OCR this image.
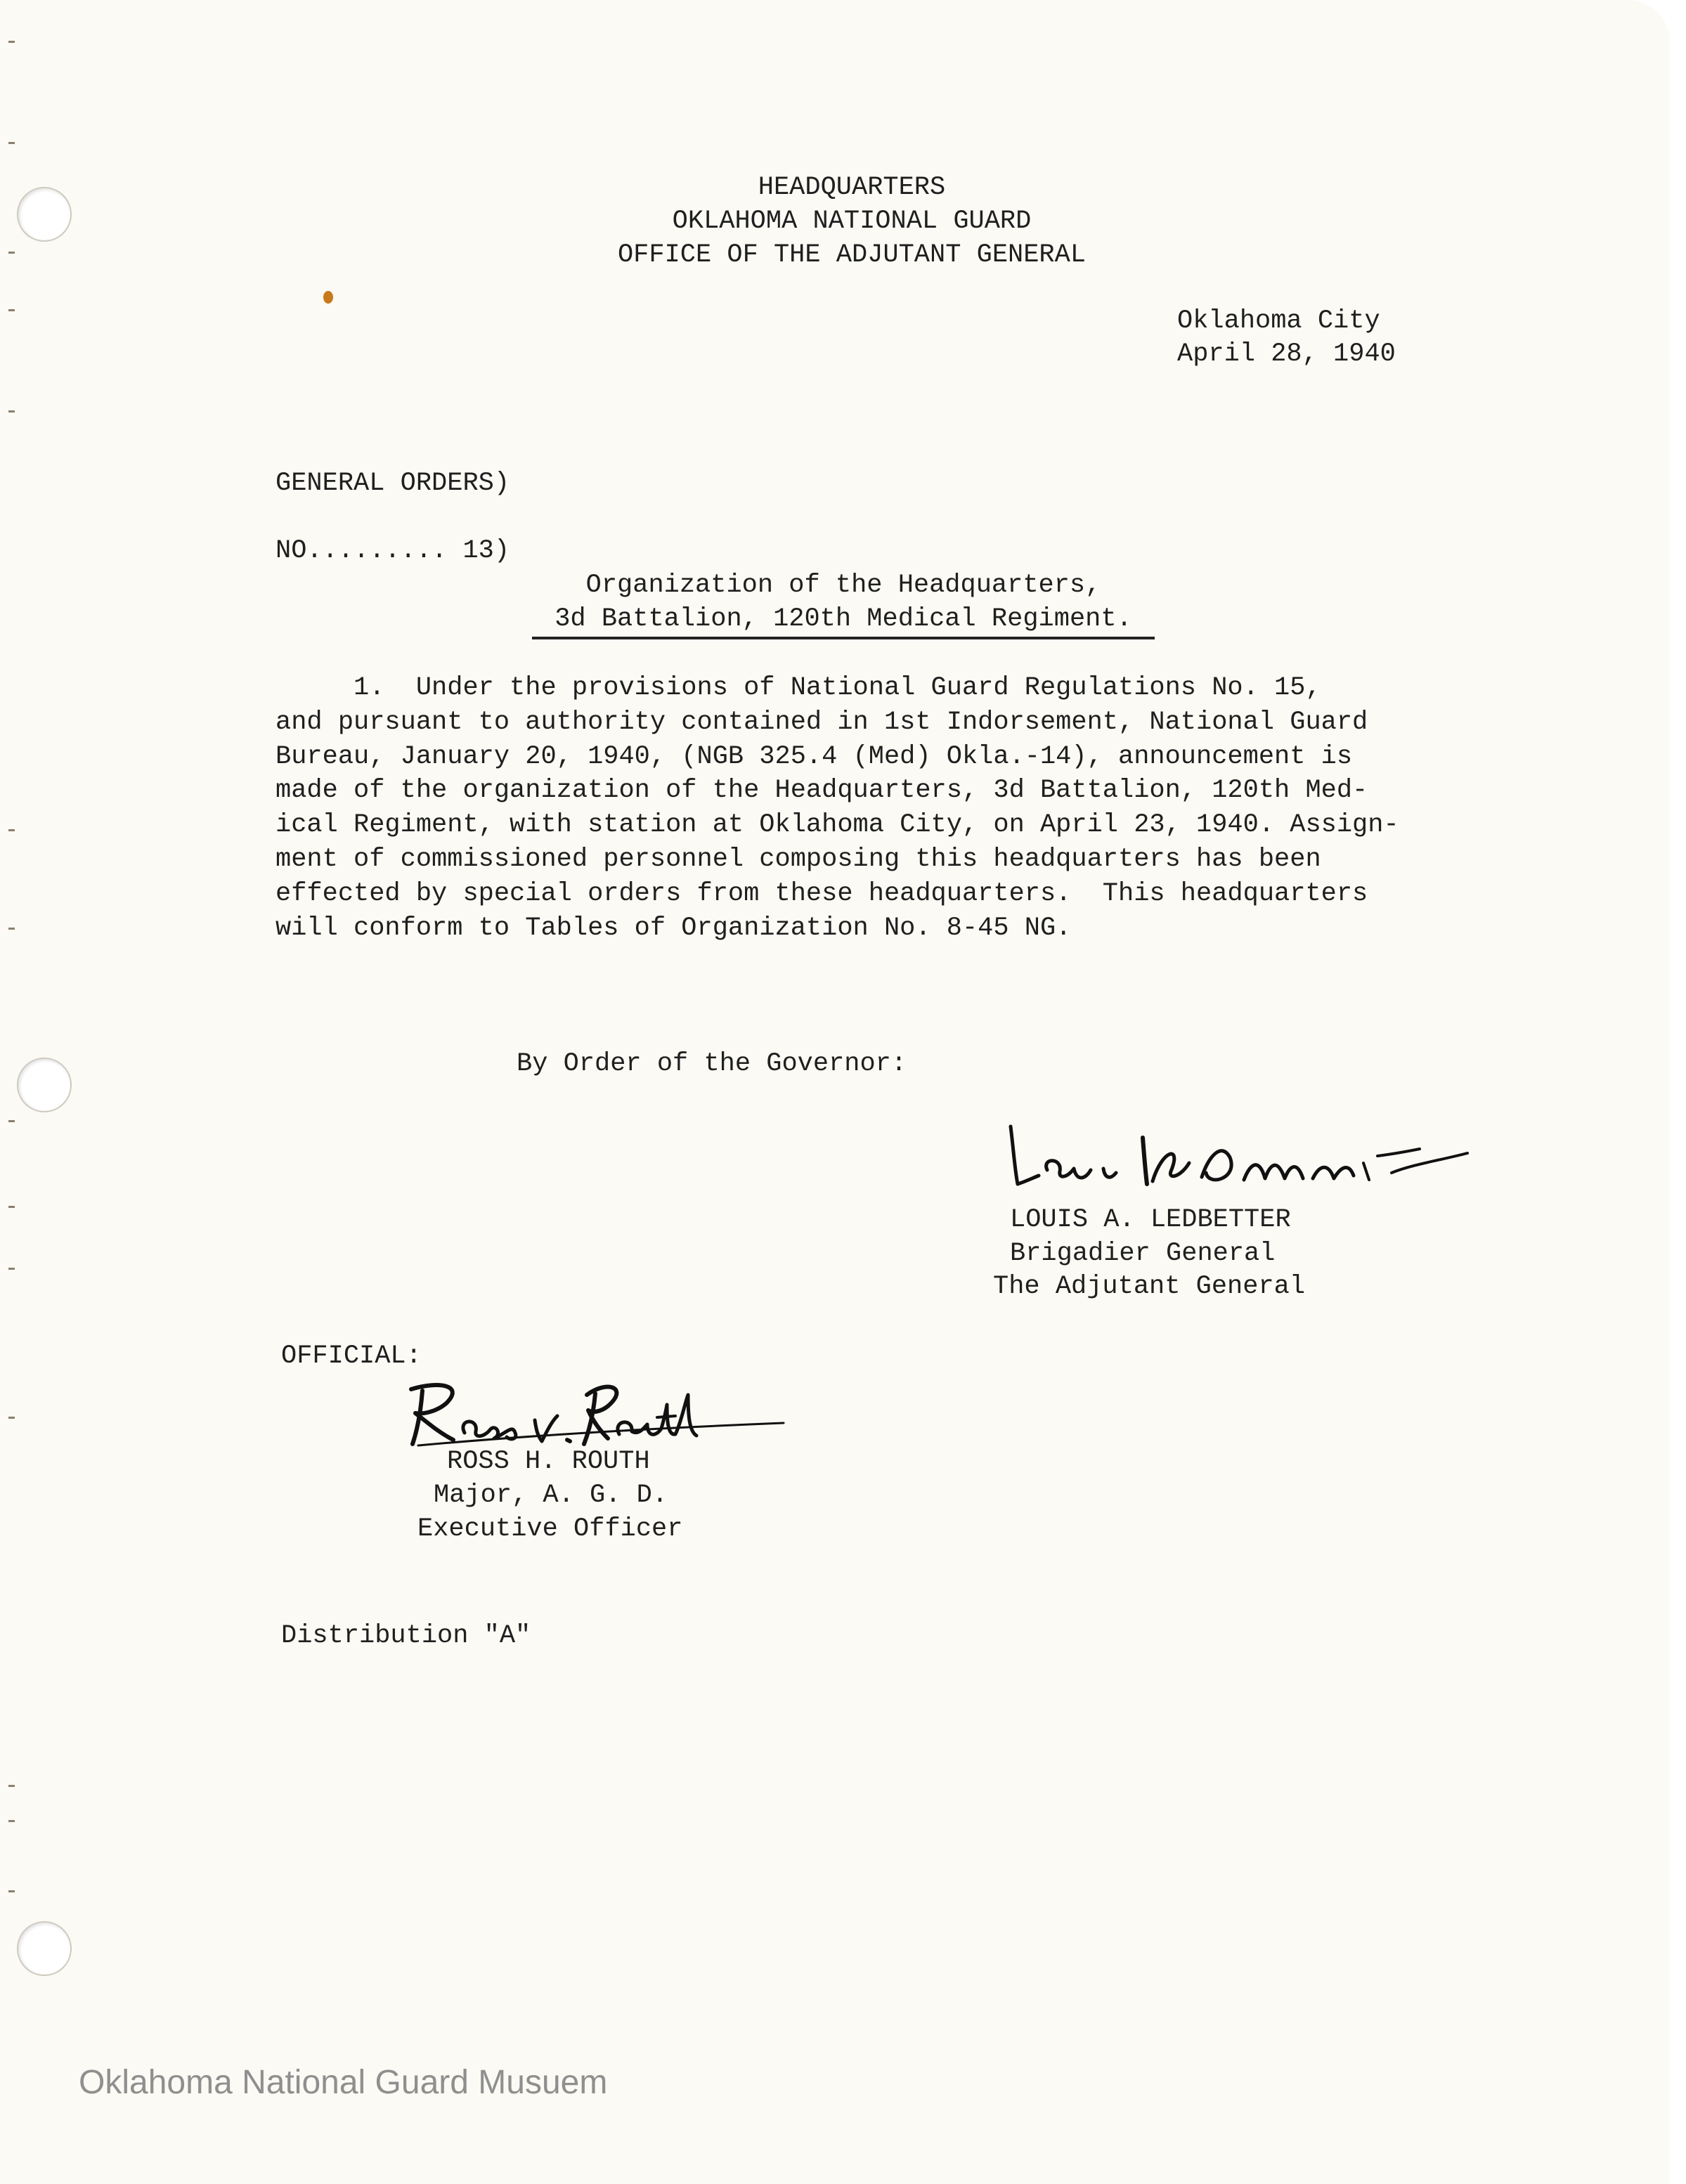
HEADQUARTERS

OKLAHOMA NATIONAL GUARD

OFFICE OF THE ADJUTANT GENERAL

Oklahoma City

April 28, 1940

GENERAL ORDERS)

NO......... 13)

Organization of the Headquarters,

3d Battalion, 120th Medical Regiment.

1.  Under the provisions of National Guard Regulations No. 15,

and pursuant to authority contained in 1st Indorsement, National Guard

Bureau, January 20, 1940, (NGB 325.4 (Med) Okla.-14), announcement is

made of the organization of the Headquarters, 3d Battalion, 120th Med-

ical Regiment, with station at Oklahoma City, on April 23, 1940. Assign-

ment of commissioned personnel composing this headquarters has been

effected by special orders from these headquarters.  This headquarters

will conform to Tables of Organization No. 8-45 NG.

By Order of the Governor:

LOUIS A. LEDBETTER

Brigadier General

The Adjutant General

OFFICIAL:

ROSS H. ROUTH

Major, A. G. D.

Executive Officer

Distribution "A"

Oklahoma National Guard Musuem
